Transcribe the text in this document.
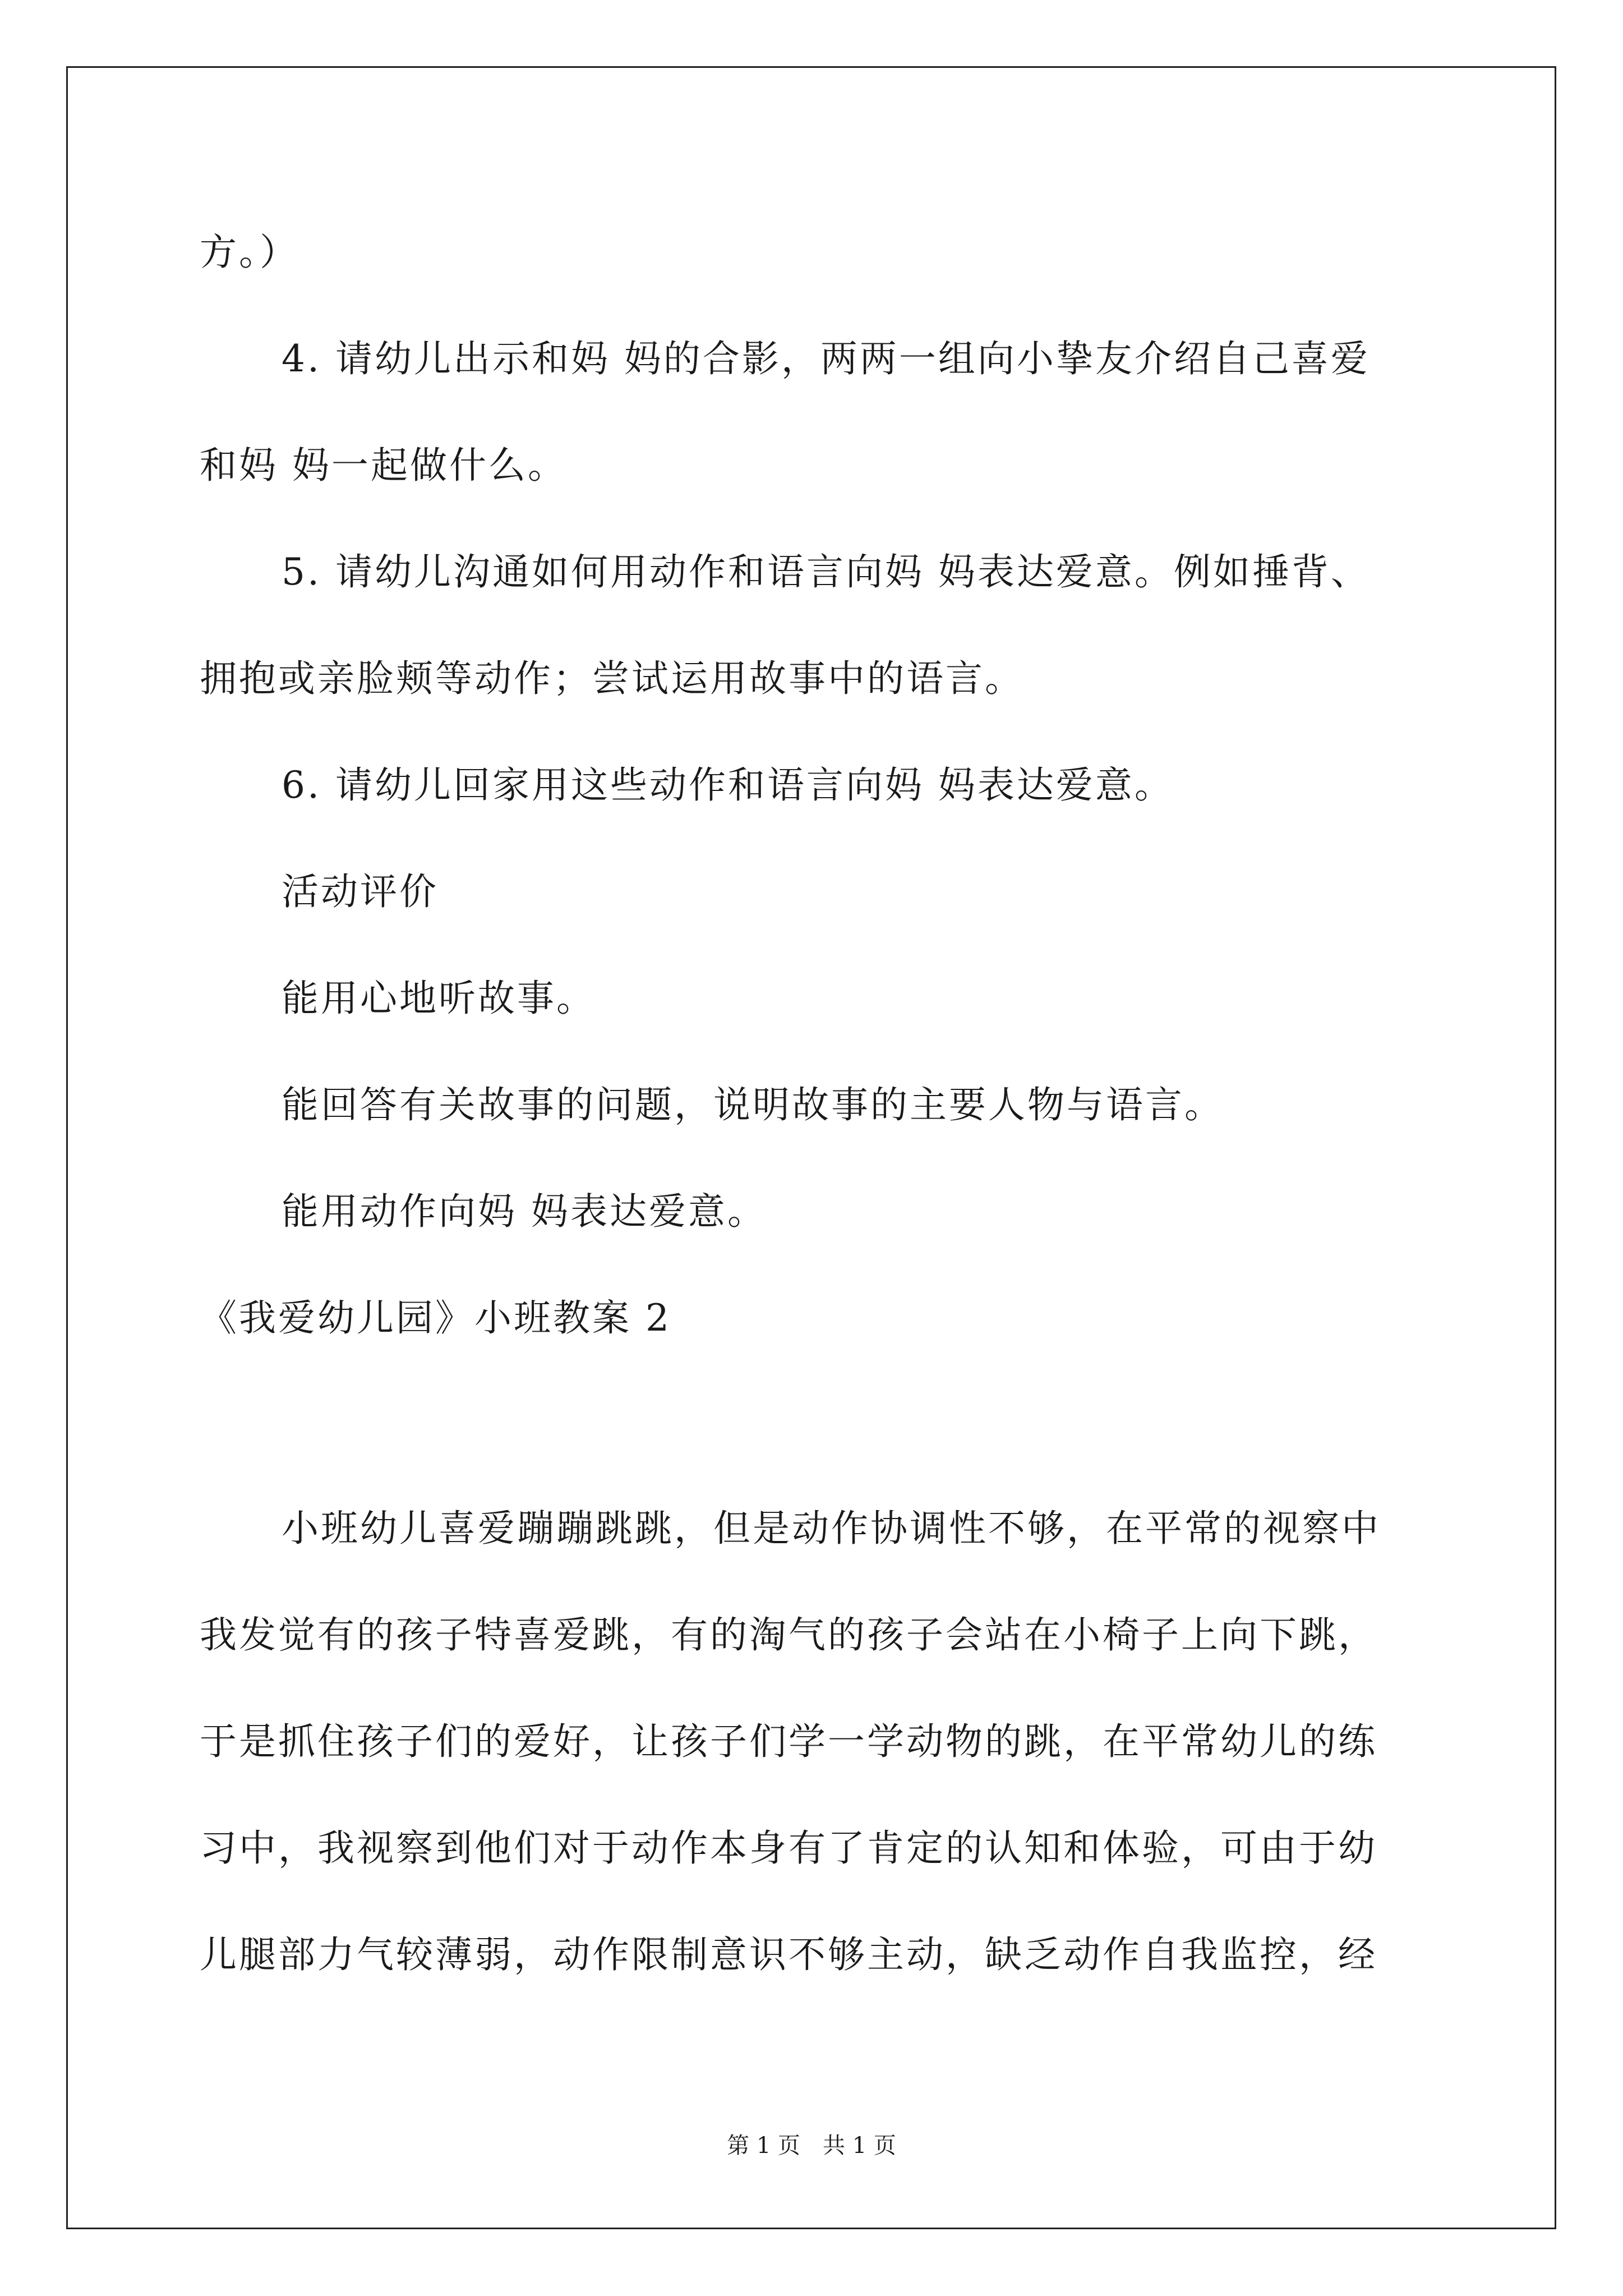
方。）
4. 请幼儿出示和妈 妈的合影，两两一组向小挚友介绍自己喜爱
和妈 妈一起做什么。
5. 请幼儿沟通如何用动作和语言向妈 妈表达爱意。例如捶背、
拥抱或亲脸颊等动作；尝试运用故事中的语言。
6. 请幼儿回家用这些动作和语言向妈 妈表达爱意。
活动评价
能用心地听故事。
能回答有关故事的问题，说明故事的主要人物与语言。
能用动作向妈 妈表达爱意。
《我爱幼儿园》小班教案 2
小班幼儿喜爱蹦蹦跳跳，但是动作协调性不够，在平常的视察中
我发觉有的孩子特喜爱跳，有的淘气的孩子会站在小椅子上向下跳，
于是抓住孩子们的爱好，让孩子们学一学动物的跳，在平常幼儿的练
习中，我视察到他们对于动作本身有了肯定的认知和体验，可由于幼
儿腿部力气较薄弱，动作限制意识不够主动，缺乏动作自我监控，经
第 1 页　共 1 页
